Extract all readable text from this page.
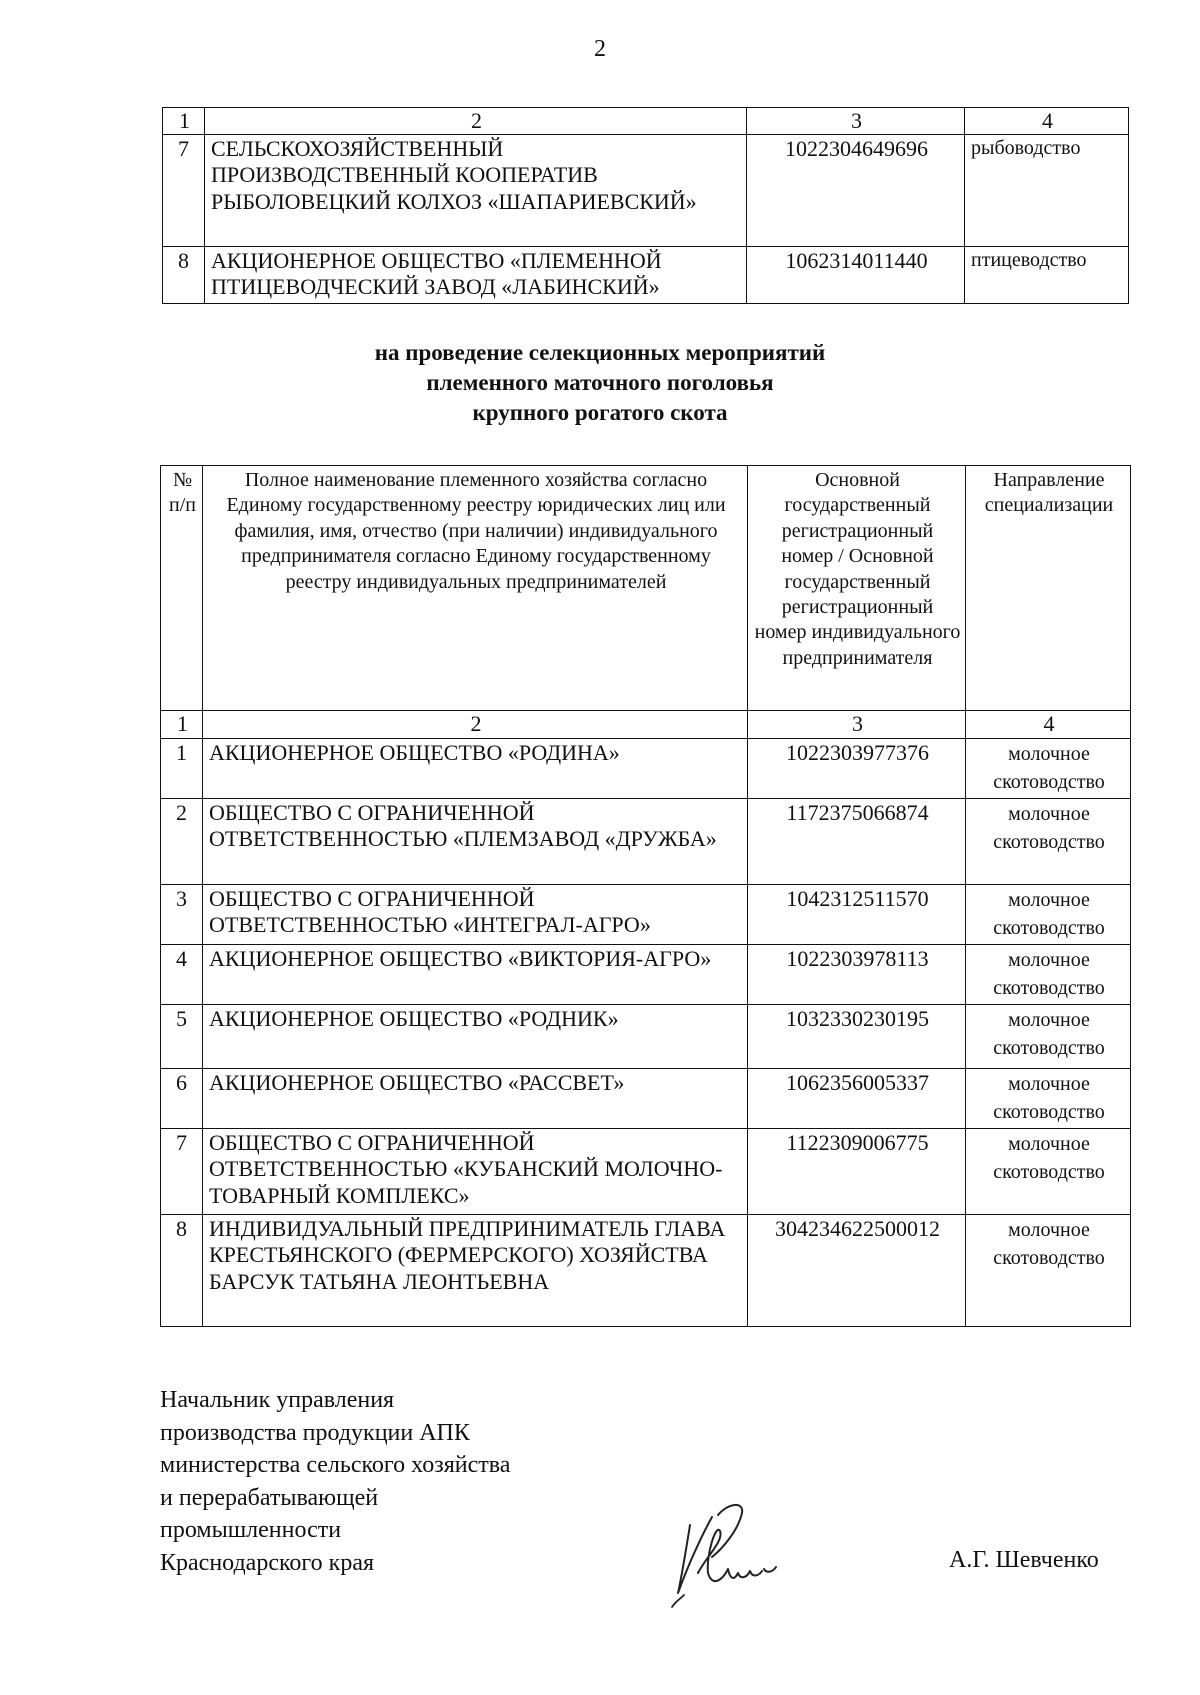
2
1	2	3	4
7	СЕЛЬСКОХОЗЯЙСТВЕННЫЙ ПРОИЗВОДСТВЕННЫЙ КООПЕРАТИВ РЫБОЛОВЕЦКИЙ КОЛХОЗ «ШАПАРИЕВСКИЙ»	1022304649696	рыбоводство
8	АКЦИОНЕРНОЕ ОБЩЕСТВО «ПЛЕМЕННОЙ ПТИЦЕВОДЧЕСКИЙ ЗАВОД «ЛАБИНСКИЙ»	1062314011440	птицеводство
на проведение селекционных мероприятий
племенного маточного поголовья
крупного рогатого скота
№ п/п	Полное наименование племенного хозяйства согласно Единому государственному реестру юридических лиц или фамилия, имя, отчество (при наличии) индивидуального предпринимателя согласно Единому государственному реестру индивидуальных предпринимателей	Основной государственный регистрационный номер / Основной государственный регистрационный номер индивидуального предпринимателя	Направление специализации
1	2	3	4
1	АКЦИОНЕРНОЕ ОБЩЕСТВО «РОДИНА»	1022303977376	молочное скотоводство
2	ОБЩЕСТВО С ОГРАНИЧЕННОЙ ОТВЕТСТВЕННОСТЬЮ «ПЛЕМЗАВОД «ДРУЖБА»	1172375066874	молочное скотоводство
3	ОБЩЕСТВО С ОГРАНИЧЕННОЙ ОТВЕТСТВЕННОСТЬЮ «ИНТЕГРАЛ-АГРО»	1042312511570	молочное скотоводство
4	АКЦИОНЕРНОЕ ОБЩЕСТВО «ВИКТОРИЯ-АГРО»	1022303978113	молочное скотоводство
5	АКЦИОНЕРНОЕ ОБЩЕСТВО «РОДНИК»	1032330230195	молочное скотоводство
6	АКЦИОНЕРНОЕ ОБЩЕСТВО «РАССВЕТ»	1062356005337	молочное скотоводство
7	ОБЩЕСТВО С ОГРАНИЧЕННОЙ ОТВЕТСТВЕННОСТЬЮ «КУБАНСКИЙ МОЛОЧНО-ТОВАРНЫЙ КОМПЛЕКС»	1122309006775	молочное скотоводство
8	ИНДИВИДУАЛЬНЫЙ ПРЕДПРИНИМАТЕЛЬ ГЛАВА КРЕСТЬЯНСКОГО (ФЕРМЕРСКОГО) ХОЗЯЙСТВА БАРСУК ТАТЬЯНА ЛЕОНТЬЕВНА	304234622500012	молочное скотоводство
Начальник управления
производства продукции АПК
министерства сельского хозяйства
и перерабатывающей
промышленности
Краснодарского края	А.Г. Шевченко
